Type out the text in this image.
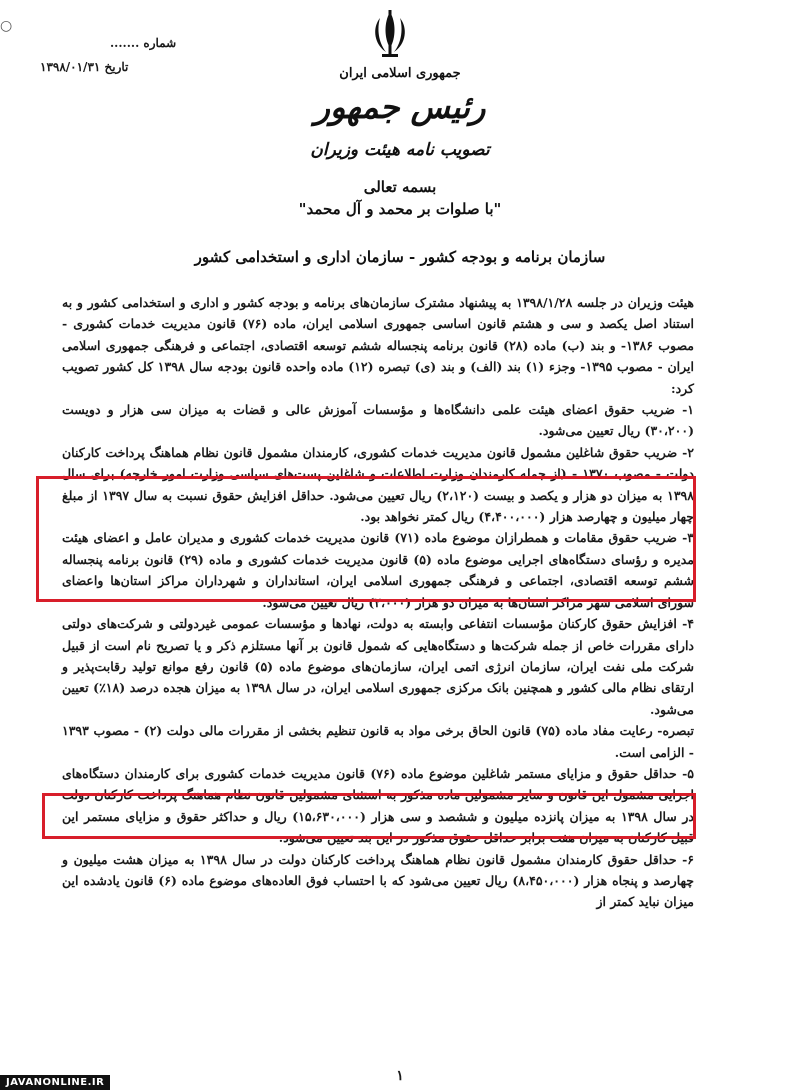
○
شماره .......
تاریخ ۱۳۹۸/۰۱/۳۱	جمهوری اسلامی ایران
رئیس جمهور
تصویب نامه هیئت وزیران
بسمه تعالی
"با صلوات بر محمد و آل محمد"
سازمان برنامه و بودجه کشور - سازمان اداری و استخدامی کشور

هیئت وزیران در جلسه ۱۳۹۸/۱/۲۸ به پیشنهاد مشترک سازمان‌های برنامه و بودجه کشور و اداری و استخدامی کشور و به استناد اصل یکصد و سی و هشتم قانون اساسی جمهوری اسلامی ایران، ماده (۷۶) قانون مدیریت خدمات کشوری - مصوب ۱۳۸۶- و بند (ب) ماده (۲۸) قانون برنامه پنجساله ششم توسعه اقتصادی، اجتماعی و فرهنگی جمهوری اسلامی ایران - مصوب ۱۳۹۵- وجزء (۱) بند (الف) و بند (ی) تبصره (۱۲) ماده واحده قانون بودجه سال ۱۳۹۸ کل کشور تصویب کرد:

۱- ضریب حقوق اعضای هیئت علمی دانشگاه‌ها و مؤسسات آموزش عالی و قضات به میزان سی هزار و دویست (۳۰،۲۰۰) ریال تعیین می‌شود.

۲- ضریب حقوق شاغلین مشمول قانون مدیریت خدمات کشوری، کارمندان مشمول قانون نظام هماهنگ پرداخت کارکنان دولت - مصوب ۱۳۷۰ - (از جمله کارمندان وزارت اطلاعات و شاغلین پست‌های سیاسی وزارت امور خارجه) برای سال ۱۳۹۸ به میزان دو هزار و یکصد و بیست (۲،۱۲۰) ریال تعیین می‌شود. حداقل افزایش حقوق نسبت به سال ۱۳۹۷ از مبلغ چهار میلیون و چهارصد هزار (۴،۴۰۰،۰۰۰) ریال کمتر نخواهد بود.

۳- ضریب حقوق مقامات و همطرازان موضوع ماده (۷۱) قانون مدیریت خدمات کشوری و مدیران عامل و اعضای هیئت مدیره و رؤسای دستگاه‌های اجرایی موضوع ماده (۵) قانون مدیریت خدمات کشوری و ماده (۲۹) قانون برنامه پنجساله ششم توسعه اقتصادی، اجتماعی و فرهنگی جمهوری اسلامی ایران، استانداران و شهرداران مراکز استان‌ها واعضای شورای اسلامی شهر مراکز استان‌ها به میزان دو هزار (۲،۰۰۰) ریال تعیین می‌شود.

۴- افزایش حقوق کارکنان مؤسسات انتفاعی وابسته به دولت، نهادها و مؤسسات عمومی غیردولتی و شرکت‌های دولتی دارای مقررات خاص از جمله شرکت‌ها و دستگاه‌هایی که شمول قانون بر آنها مستلزم ذکر و یا تصریح نام است از قبیل شرکت ملی نفت ایران، سازمان انرژی اتمی ایران، سازمان‌های موضوع ماده (۵) قانون رفع موانع تولید رقابت‌پذیر و ارتقای نظام مالی کشور و همچنین بانک مرکزی جمهوری اسلامی ایران، در سال ۱۳۹۸ به میزان هجده درصد (۱۸٪) تعیین می‌شود.

تبصره- رعایت مفاد ماده (۷۵) قانون الحاق برخی مواد به قانون تنظیم بخشی از مقررات مالی دولت (۲) - مصوب ۱۳۹۳ - الزامی است.

۵- حداقل حقوق و مزایای مستمر شاغلین موضوع ماده (۷۶) قانون مدیریت خدمات کشوری برای کارمندان دستگاه‌های اجرایی مشمول این قانون و سایر مشمولین ماده مذکور به استثنای مشمولین قانون نظام هماهنگ پرداخت کارکنان دولت در سال ۱۳۹۸ به میزان پانزده میلیون و ششصد و سی هزار (۱۵،۶۳۰،۰۰۰) ریال و حداکثر حقوق و مزایای مستمر این قبیل کارکنان به میزان هفت برابر حداقل حقوق مذکور در این بند تعیین می‌شود.

۶- حداقل حقوق کارمندان مشمول قانون نظام هماهنگ پرداخت کارکنان دولت در سال ۱۳۹۸ به میزان هشت میلیون و چهارصد و پنجاه هزار (۸،۴۵۰،۰۰۰) ریال تعیین می‌شود که با احتساب فوق العاده‌های موضوع ماده (۶) قانون یادشده این میزان نباید کمتر از

۱
JAVANONLINE.IR
